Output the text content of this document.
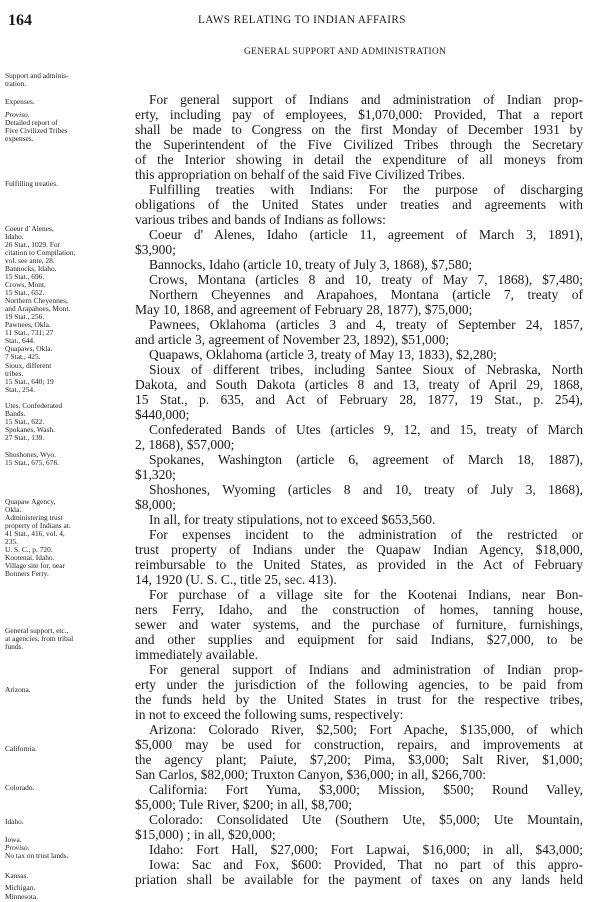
164	LAWS RELATING TO INDIAN AFFAIRS
GENERAL SUPPORT AND ADMINISTRATION
Support and adminis-
tration.
Expenses.
Proviso.
Detailed report of
Five Civilized Tribes
expenses.
Fulfilling treaties.
Coeur d' Alenes,
Idaho.
26 Stat., 1029. For
citation to Compilation,
vol. see ante, 28.
Bannocks, Idaho.
15 Stat., 696.
Crows, Mont.
15 Stat., 652.
Northern Cheyennes,
and Arapahoes, Mont.
19 Stat., 256.
Pawnees, Okla.
11 Stat., 731; 27
Stat., 644.
Quapaws, Okla.
7 Stat., 425.
Sioux, different
tribes.
15 Stat., 640; 19
Stat., 254.
Utes. Confederated
Bands.
15 Stat., 622.
Spokanes, Wash.
27 Stat., 139.
Shoshones, Wyo.
15 Stat., 675, 676.
Quapaw Agency,
Okla.
Administering trust
property of Indians at.
41 Stat., 416, vol. 4,
235.
U. S. C., p. 720.
Kootenai, Idaho.
Village site for, near
Bonners Ferry.
General support, etc.,
at agencies, from tribal
funds.
Arizona.
California.
Colorado.
Idaho.
Iowa.
Proviso.
No tax on trust lands.
Kansas.
Michigan.
Minnesota.
For general support of Indians and administration of Indian prop-
erty, including pay of employees, $1,070,000: Provided, That a report
shall be made to Congress on the first Monday of December 1931 by
the Superintendent of the Five Civilized Tribes through the Secretary
of the Interior showing in detail the expenditure of all moneys from
this appropriation on behalf of the said Five Civilized Tribes.
Fulfilling treaties with Indians: For the purpose of discharging
obligations of the United States under treaties and agreements with
various tribes and bands of Indians as follows:
Coeur d' Alenes, Idaho (article 11, agreement of March 3, 1891),
$3,900;
Bannocks, Idaho (article 10, treaty of July 3, 1868), $7,580;
Crows, Montana (articles 8 and 10, treaty of May 7, 1868), $7,480;
Northern Cheyennes and Arapahoes, Montana (article 7, treaty of
May 10, 1868, and agreement of February 28, 1877), $75,000;
Pawnees, Oklahoma (articles 3 and 4, treaty of September 24, 1857,
and article 3, agreement of November 23, 1892), $51,000;
Quapaws, Oklahoma (article 3, treaty of May 13, 1833), $2,280;
Sioux of different tribes, including Santee Sioux of Nebraska, North
Dakota, and South Dakota (articles 8 and 13, treaty of April 29, 1868,
15 Stat., p. 635, and Act of February 28, 1877, 19 Stat., p. 254),
$440,000;
Confederated Bands of Utes (articles 9, 12, and 15, treaty of March
2, 1868), $57,000;
Spokanes, Washington (article 6, agreement of March 18, 1887),
$1,320;
Shoshones, Wyoming (articles 8 and 10, treaty of July 3, 1868),
$8,000;
In all, for treaty stipulations, not to exceed $653,560.
For expenses incident to the administration of the restricted or
trust property of Indians under the Quapaw Indian Agency, $18,000,
reimbursable to the United States, as provided in the Act of February
14, 1920 (U. S. C., title 25, sec. 413).
For purchase of a village site for the Kootenai Indians, near Bon-
ners Ferry, Idaho, and the construction of homes, tanning house,
sewer and water systems, and the purchase of furniture, furnishings,
and other supplies and equipment for said Indians, $27,000, to be
immediately available.
For general support of Indians and administration of Indian prop-
erty under the jurisdiction of the following agencies, to be paid from
the funds held by the United States in trust for the respective tribes,
in not to exceed the following sums, respectively:
Arizona: Colorado River, $2,500; Fort Apache, $135,000, of which
$5,000 may be used for construction, repairs, and improvements at
the agency plant; Paiute, $7,200; Pima, $3,000; Salt River, $1,000;
San Carlos, $82,000; Truxton Canyon, $36,000; in all, $266,700:
California: Fort Yuma, $3,000; Mission, $500; Round Valley,
$5,000; Tule River, $200; in all, $8,700;
Colorado: Consolidated Ute (Southern Ute, $5,000; Ute Mountain,
$15,000) ; in all, $20,000;
Idaho: Fort Hall, $27,000; Fort Lapwai, $16,000; in all, $43,000;
Iowa: Sac and Fox, $600: Provided, That no part of this appro-
priation shall be available for the payment of taxes on any lands held
